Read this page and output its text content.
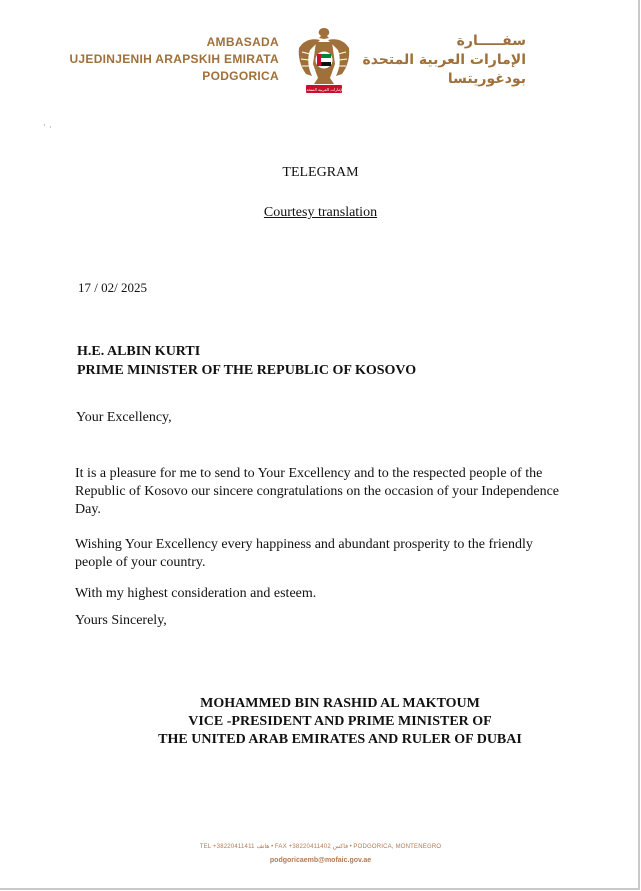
AMBASADA
UJEDINJENIH ARAPSKIH EMIRATA
PODGORICA
الإمارات العربية المتحدة
سفـــــارة
الإمارات العربية المتحدة
بودغوريتسا
· ·
TELEGRAM
Courtesy translation
17 / 02/ 2025
H.E. ALBIN KURTI
PRIME MINISTER OF THE REPUBLIC OF KOSOVO
Your Excellency,
It is a pleasure for me to send to Your Excellency and to the respected people of the Republic of Kosovo our sincere congratulations on the occasion of your Independence Day.
Wishing Your Excellency every happiness and abundant prosperity to the friendly people of your country.
With my highest consideration and esteem.
Yours Sincerely,
MOHAMMED BIN RASHID AL MAKTOUM
VICE -PRESIDENT AND PRIME MINISTER OF
THE UNITED ARAB EMIRATES AND RULER OF DUBAI
TEL +38220411411 هاتف • FAX +38220411402 فاكس • PODGORICA, MONTENEGRO
podgoricaemb@mofaic.gov.ae
